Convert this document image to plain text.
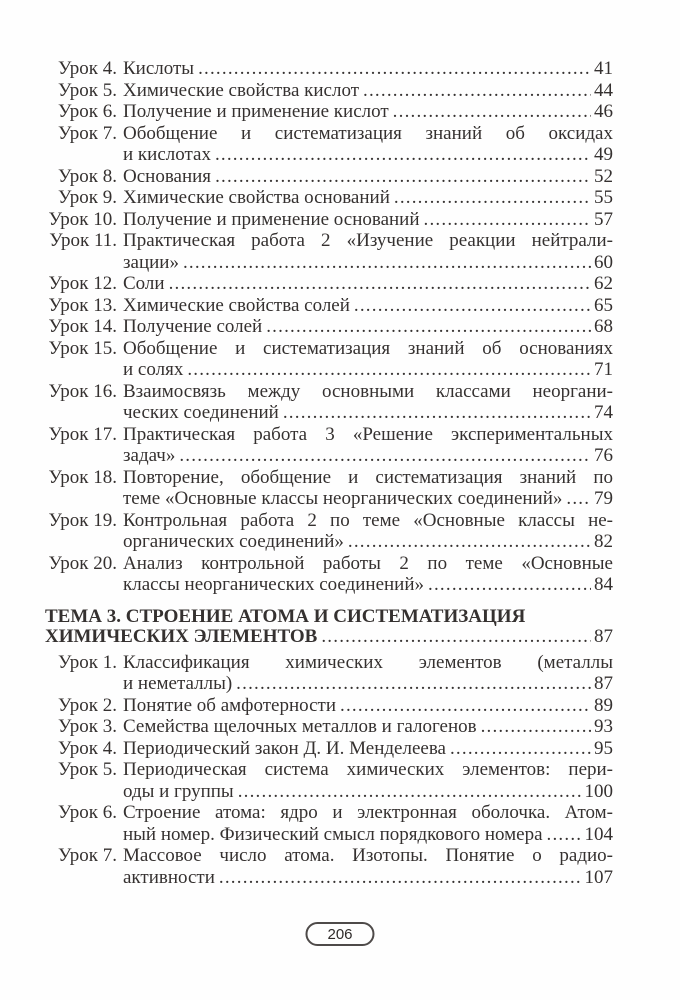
Урок 4. Кислоты .....	41
Урок 5. Химические свойства кислот .....	44
Урок 6. Получение и применение кислот .....	46
Урок 7. Обобщение и систематизация знаний об оксидах
и кислотах .....	49
Урок 8. Основания .....	52
Урок 9. Химические свойства оснований .....	55
Урок 10. Получение и применение оснований .....	57
Урок 11. Практическая работа 2 «Изучение реакции нейтрали-
зации» .....	60
Урок 12. Соли .....	62
Урок 13. Химические свойства солей .....	65
Урок 14. Получение солей .....	68
Урок 15. Обобщение и систематизация знаний об основаниях
и солях .....	71
Урок 16. Взаимосвязь между основными классами неоргани-
ческих соединений .....	74
Урок 17. Практическая работа 3 «Решение экспериментальных
задач» .....	76
Урок 18. Повторение, обобщение и систематизация знаний по
теме «Основные классы неорганических соединений» ..... 79
Урок 19. Контрольная работа 2 по теме «Основные классы не-
органических соединений» .....	82
Урок 20. Анализ контрольной работы 2 по теме «Основные
классы неорганических соединений» .....	84
ТЕМА 3. СТРОЕНИЕ АТОМА И СИСТЕМАТИЗАЦИЯ
ХИМИЧЕСКИХ ЭЛЕМЕНТОВ .....	87
Урок 1. Классификация химических элементов (металлы
и неметаллы) .....	87
Урок 2. Понятие об амфотерности .....	89
Урок 3. Семейства щелочных металлов и галогенов .....	93
Урок 4. Периодический закон Д. И. Менделеева .....	95
Урок 5. Периодическая система химических элементов: пери-
оды и группы .....	100
Урок 6. Строение атома: ядро и электронная оболочка. Атом-
ный номер. Физический смысл порядкового номера ..... 104
Урок 7. Массовое число атома. Изотопы. Понятие о радио-
активности .....	107
206
